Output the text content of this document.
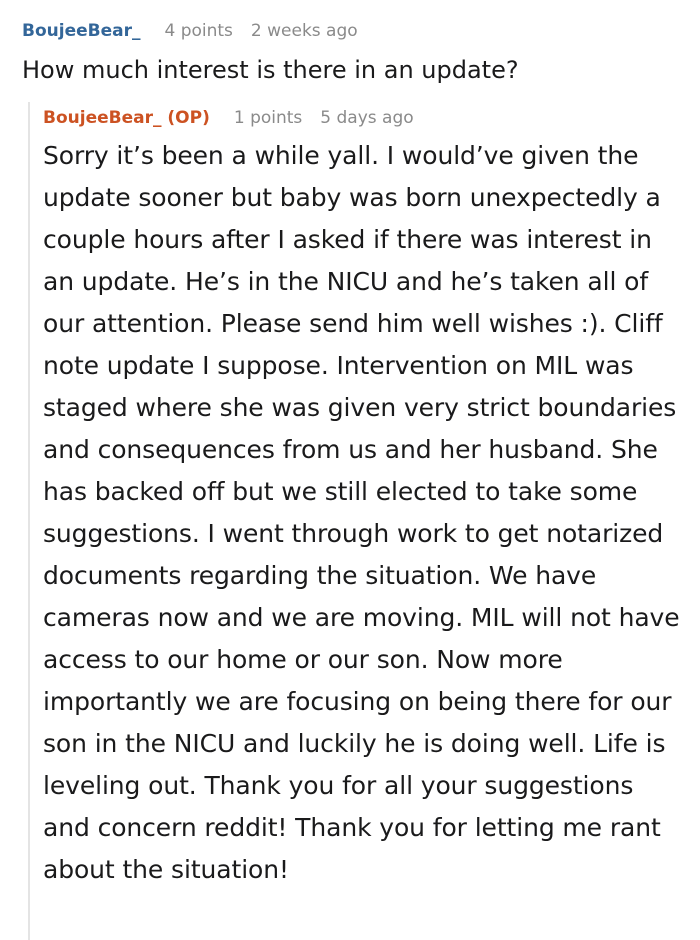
BoujeeBear_ 4 points 2 weeks ago
How much interest is there in an update?
BoujeeBear_ (OP) 1 points 5 days ago
Sorry it’s been a while yall. I would’ve given the update sooner but baby was born unexpectedly a couple hours after I asked if there was interest in an update. He’s in the NICU and he’s taken all of our attention. Please send him well wishes :). Cliff note update I suppose. Intervention on MIL was staged where she was given very strict boundaries and consequences from us and her husband. She has backed off but we still elected to take some suggestions. I went through work to get notarized documents regarding the situation. We have cameras now and we are moving. MIL will not have access to our home or our son. Now more importantly we are focusing on being there for our son in the NICU and luckily he is doing well. Life is leveling out. Thank you for all your suggestions and concern reddit! Thank you for letting me rant about the situation!
